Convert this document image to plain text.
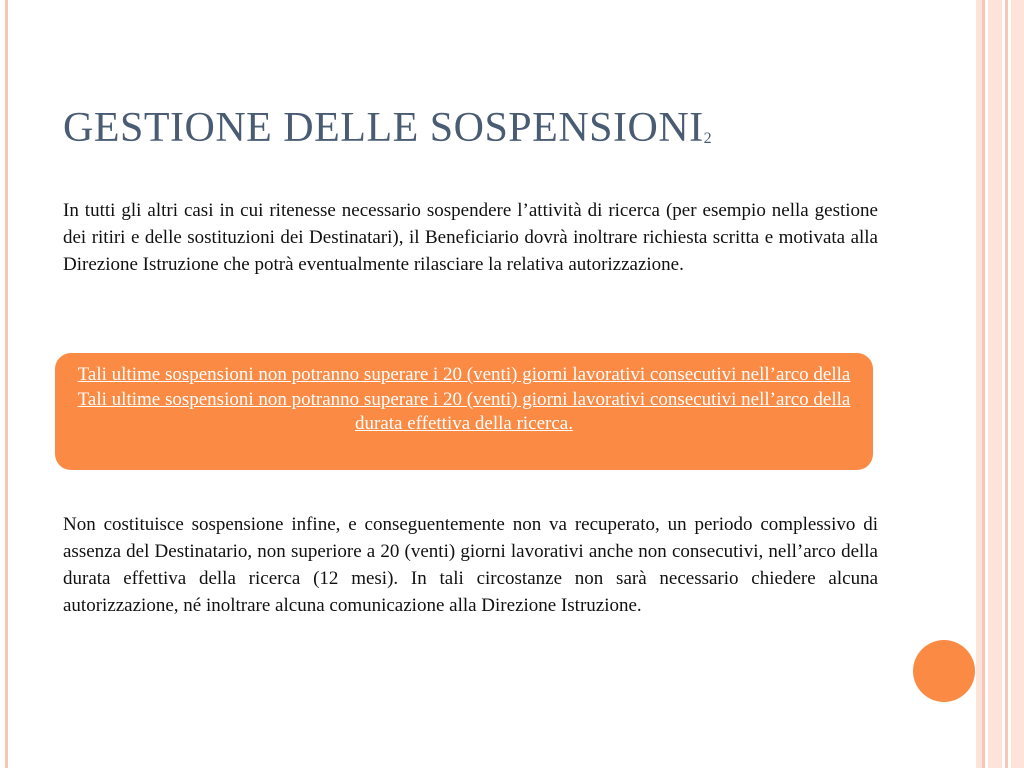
GESTIONE DELLE $SOSPENSIONI_2$

In tutti gli altri casi in cui ritenesse necessario sospendere l’attività di ricerca (per esempio nella gestione dei ritiri e delle sostituzioni dei Destinatari), il Beneficiario dovrà inoltrare richiesta scritta e motivata alla Direzione Istruzione che potrà eventualmente rilasciare la relativa autorizzazione.

Tali ultime sospensioni non potranno superare i 20 (venti) giorni lavorativi consecutivi nell’arco della Tali ultime sospensioni non potranno superare i 20 (venti) giorni lavorativi consecutivi nell’arco della durata effettiva della ricerca.

Non costituisce sospensione infine, e conseguentemente non va recuperato, un periodo complessivo di assenza del Destinatario, non superiore a 20 (venti) giorni lavorativi anche non consecutivi, nell’arco della durata effettiva della ricerca (12 mesi). In tali circostanze non sarà necessario chiedere alcuna autorizzazione, né inoltrare alcuna comunicazione alla Direzione Istruzione.
